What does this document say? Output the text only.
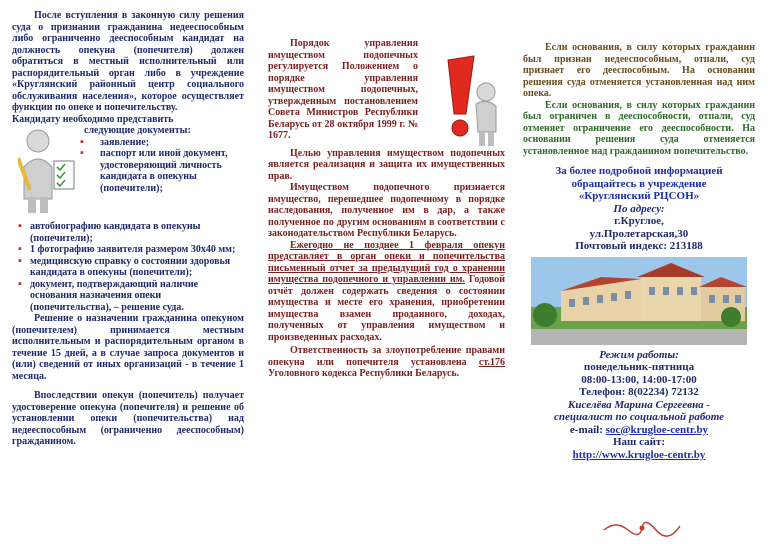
После вступления в законную силу решения суда о признании гражданина недееспособным либо ограниченно дееспособным кандидат на должность опекуна (попечителя) должен обратиться в местный исполнительный или распорядительный орган либо в учреждение «Круглянский районный центр социального обслуживания населения», которое осуществляет функции по опеке и попечительству.

Кандидату необходимо представить

следующие документы:

▪ заявление;
▪ паспорт или иной документ, удостоверяющий личность кандидата в опекуны (попечители);
▪ автобиографию кандидата в опекуны (попечители);
▪ 1 фотографию заявителя размером 30х40 мм;
▪ медицинскую справку о состоянии здоровья кандидата в опекуны (попечители);
▪ документ, подтверждающий наличие основания назначения опеки (попечительства), – решение суда.

Решение о назначении гражданина опекуном (попечителем) принимается местным исполнительным и распорядительным органом в течение 15 дней, а в случае запроса документов и (или) сведений от иных организаций - в течение 1 месяца.

Впоследствии опекун (попечитель) получает удостоверение опекуна (попечителя) и решение об установлении опеки (попечительства) над недееспособным (ограниченно дееспособным) гражданином.

Порядок управления имуществом подопечных регулируется Положением о порядке управления имуществом подопечных, утвержденным постановлением Совета Министров Республики Беларусь от 28 октября 1999 г. № 1677.

Целью управления имуществом подопечных является реализация и защита их имущественных прав.

Имуществом подопечного признается имущество, перешедшее подопечному в порядке наследования, полученное им в дар, а также полученное по другим основаниям в соответствии с законодательством Республики Беларусь.

Ежегодно не позднее 1 февраля опекун представляет в орган опеки и попечительства письменный отчет за предыдущий год о хранении имущества подопечного и управлении им. Годовой отчёт должен содержать сведения о состоянии имущества и месте его хранения, приобретении имущества взамен проданного, доходах, полученных от управления имуществом и произведенных расходах.

Ответственность за злоупотребление правами опекуна или попечителя установлена ст.176 Уголовного кодекса Республики Беларусь.

Если основания, в силу которых гражданин был признан недееспособным, отпали, суд признает его дееспособным. На основании решения суда отменяется установленная над ним опека.

Если основания, в силу которых гражданин был ограничен в дееспособности, отпали, суд отменяет ограничение его дееспособности. На основании решения суда отменяется установленное над гражданином попечительство.

За более подробной информацией

обращайтесь в учреждение

«Круглянский РЦСОН»

По адресу:

г.Круглое,

ул.Пролетарская,30

Почтовый индекс: 213188

Режим работы:

понедельник-пятница

08:00-13:00, 14:00-17:00

Телефон: 8(02234) 72132

Киселёва Марина Сергеевна -

специалист по социальной работе

e-mail: soc@krugloe-centr.by

Наш сайт:

http://www.krugloe-centr.by
